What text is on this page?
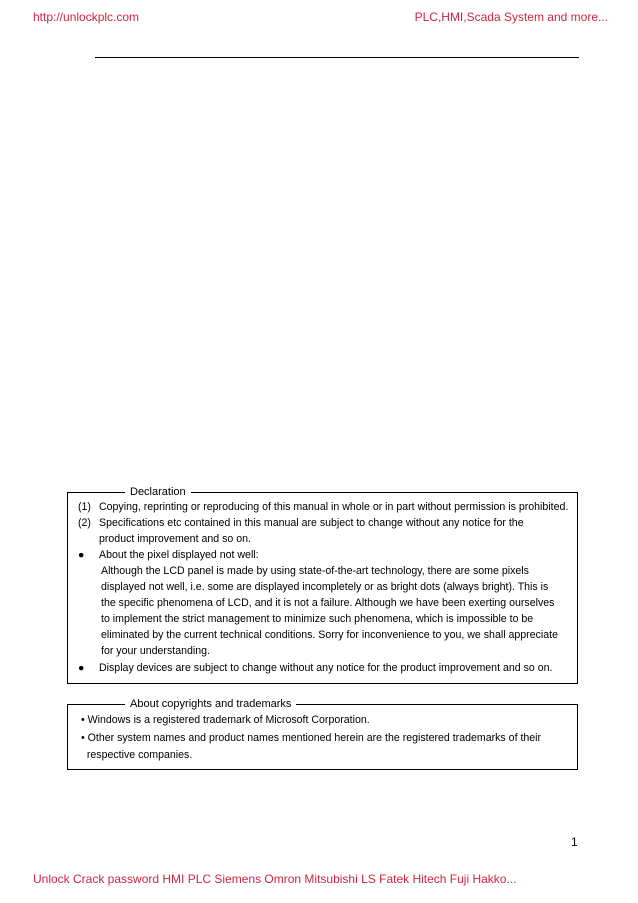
http://unlockplc.com	PLC,HMI,Scada System and more...
Declaration
(1) Copying, reprinting or reproducing of this manual in whole or in part without permission is prohibited.
(2) Specifications etc contained in this manual are subject to change without any notice for the
product improvement and so on.
● About the pixel displayed not well:
Although the LCD panel is made by using state-of-the-art technology, there are some pixels
displayed not well, i.e. some are displayed incompletely or as bright dots (always bright). This is
the specific phenomena of LCD, and it is not a failure. Although we have been exerting ourselves
to implement the strict management to minimize such phenomena, which is impossible to be
eliminated by the current technical conditions. Sorry for inconvenience to you, we shall appreciate
for your understanding.
● Display devices are subject to change without any notice for the product improvement and so on.
About copyrights and trademarks
• Windows is a registered trademark of Microsoft Corporation.
• Other system names and product names mentioned herein are the registered trademarks of their
respective companies.
1
Unlock Crack password HMI PLC Siemens Omron Mitsubishi LS Fatek Hitech Fuji Hakko...
